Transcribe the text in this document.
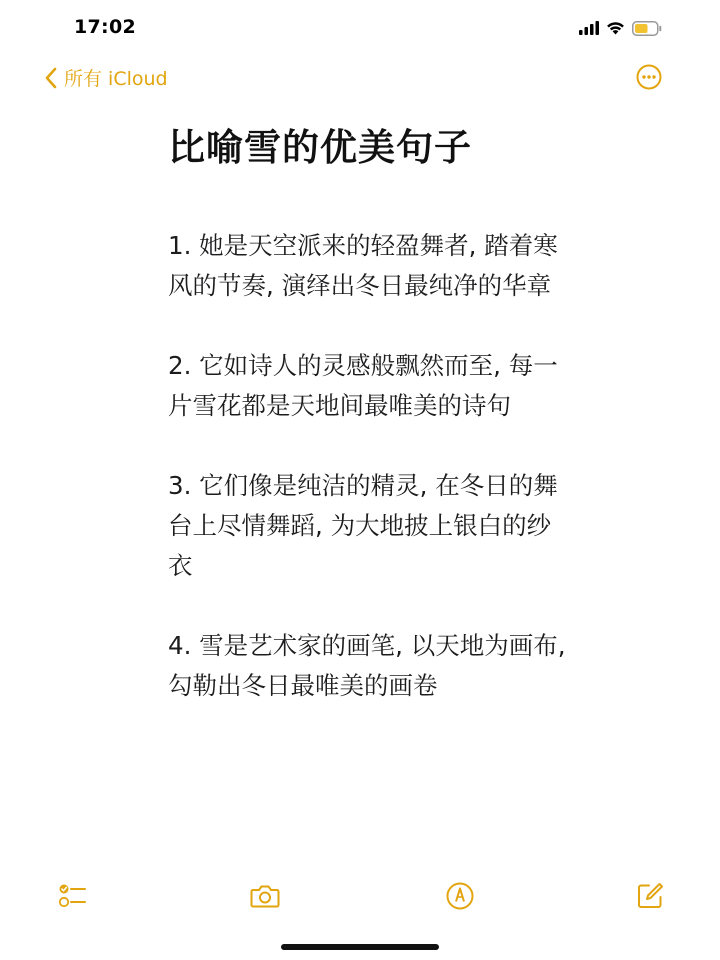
17:02
所有 iCloud
比喻雪的优美句子
1. 她是天空派来的轻盈舞者, 踏着寒风的节奏, 演绎出冬日最纯净的华章
2. 它如诗人的灵感般飘然而至, 每一片雪花都是天地间最唯美的诗句
3. 它们像是纯洁的精灵, 在冬日的舞台上尽情舞蹈, 为大地披上银白的纱衣
4. 雪是艺术家的画笔, 以天地为画布, 勾勒出冬日最唯美的画卷
